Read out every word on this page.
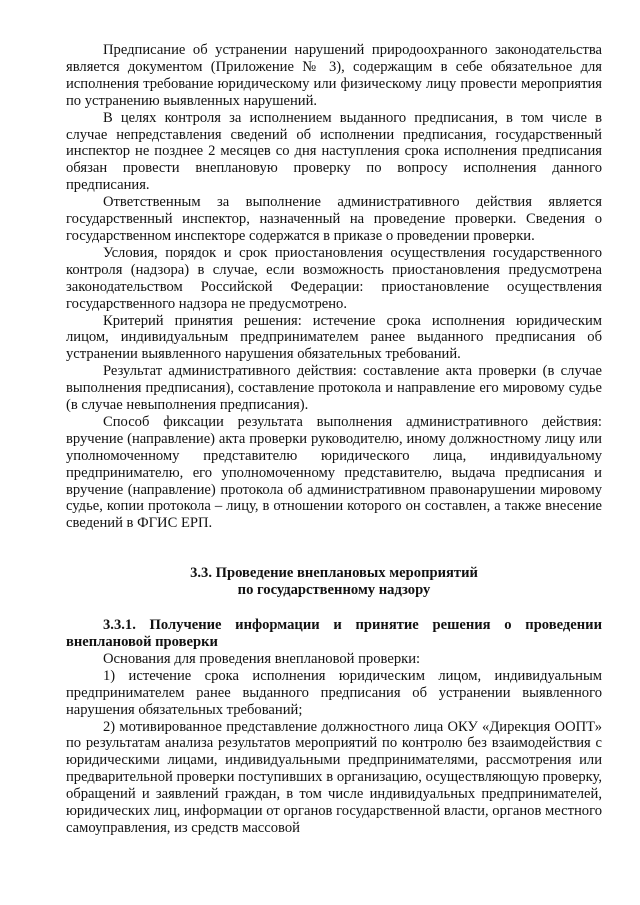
Предписание об устранении нарушений природоохранного законодательства является документом (Приложение № 3), содержащим в себе обязательное для исполнения требование юридическому или физическому лицу провести мероприятия по устранению выявленных нарушений.

В целях контроля за исполнением выданного предписания, в том числе в случае непредставления сведений об исполнении предписания, государственный инспектор не позднее 2 месяцев со дня наступления срока исполнения предписания обязан провести внеплановую проверку по вопросу исполнения данного предписания.

Ответственным за выполнение административного действия является государственный инспектор, назначенный на проведение проверки. Сведения о государственном инспекторе содержатся в приказе о проведении проверки.

Условия, порядок и срок приостановления осуществления государственного контроля (надзора) в случае, если возможность приостановления предусмотрена законодательством Российской Федерации: приостановление осуществления государственного надзора не предусмотрено.

Критерий принятия решения: истечение срока исполнения юридическим лицом, индивидуальным предпринимателем ранее выданного предписания об устранении выявленного нарушения обязательных требований.

Результат административного действия: составление акта проверки (в случае выполнения предписания), составление протокола и направление его мировому судье (в случае невыполнения предписания).

Способ фиксации результата выполнения административного действия: вручение (направление) акта проверки руководителю, иному должностному лицу или уполномоченному представителю юридического лица, индивидуальному предпринимателю, его уполномоченному представителю, выдача предписания и вручение (направление) протокола об административном правонарушении мировому судье, копии протокола – лицу, в отношении которого он составлен, а также внесение сведений в ФГИС ЕРП.

3.3. Проведение внеплановых мероприятий

по государственному надзору

3.3.1. Получение информации и принятие решения о проведении внеплановой проверки

Основания для проведения внеплановой проверки:

1) истечение срока исполнения юридическим лицом, индивидуальным предпринимателем ранее выданного предписания об устранении выявленного нарушения обязательных требований;

2) мотивированное представление должностного лица ОКУ «Дирекция ООПТ» по результатам анализа результатов мероприятий по контролю без взаимодействия с юридическими лицами, индивидуальными предпринимателями, рассмотрения или предварительной проверки поступивших в организацию, осуществляющую проверку, обращений и заявлений граждан, в том числе индивидуальных предпринимателей, юридических лиц, информации от органов государственной власти, органов местного самоуправления, из средств массовой
